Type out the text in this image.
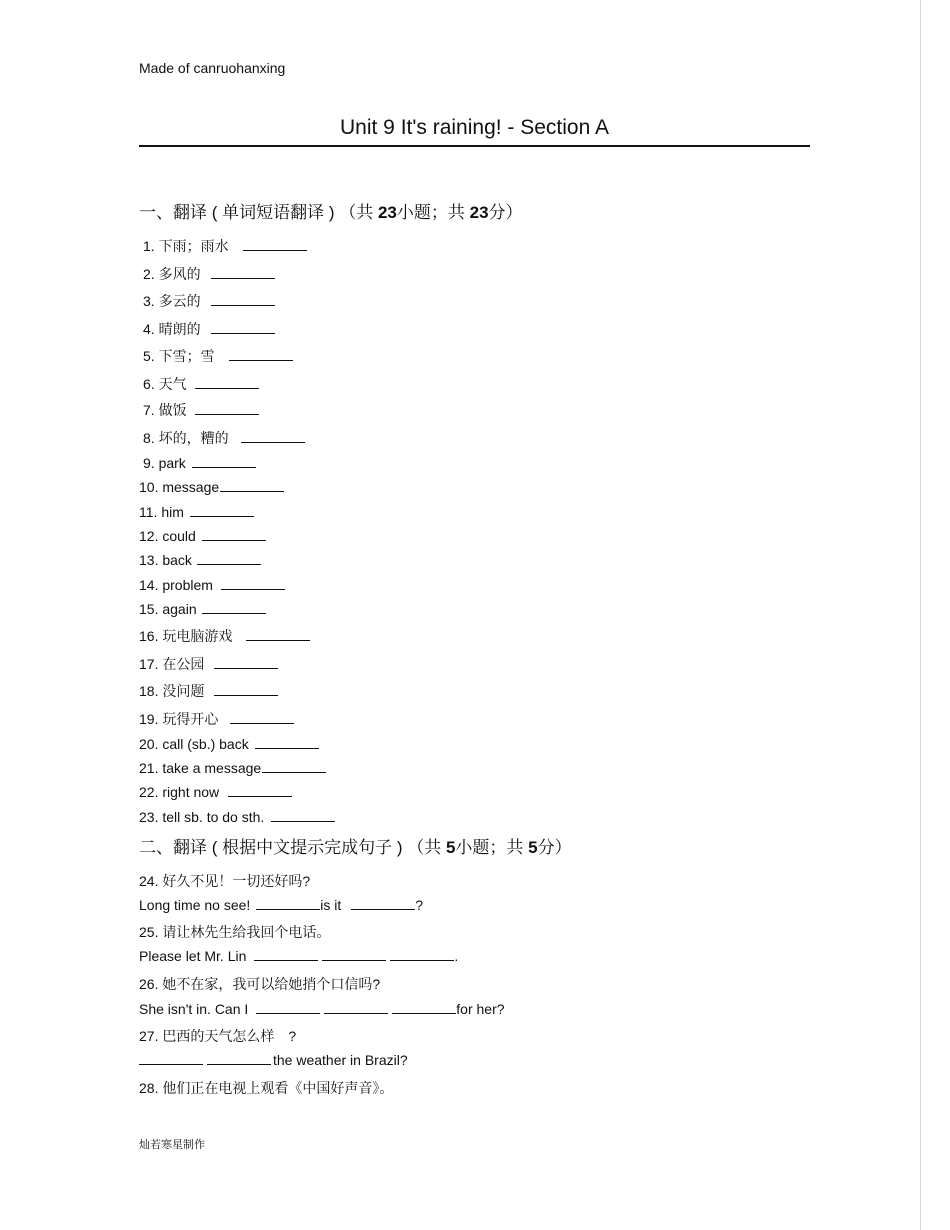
Made of canruohanxing
Unit 9 It's raining! - Section A
一、翻译 ( 单词短语翻译 ) （共 23小题；共 23分）
1. 下雨；雨水
2. 多风的
3. 多云的
4. 晴朗的
5. 下雪；雪
6. 天气
7. 做饭
8. 坏的，糟的
9. park
10. message
11. him
12. could
13. back
14. problem
15. again
16. 玩电脑游戏
17. 在公园
18. 没问题
19. 玩得开心
20. call (sb.) back
21. take a message
22. right now
23. tell sb. to do sth.
二、翻译 ( 根据中文提示完成句子 ) （共 5小题；共 5分）
24. 好久不见！一切还好吗?
Long time no see!	is it	?
25. 请让林先生给我回个电话。
Please let Mr. Lin	.
26. 她不在家，我可以给她捎个口信吗?
She isn't in. Can I	for her?
27. 巴西的天气怎么样　?
the weather in Brazil?
28. 他们正在电视上观看《中国好声音》。
灿若寒星制作
